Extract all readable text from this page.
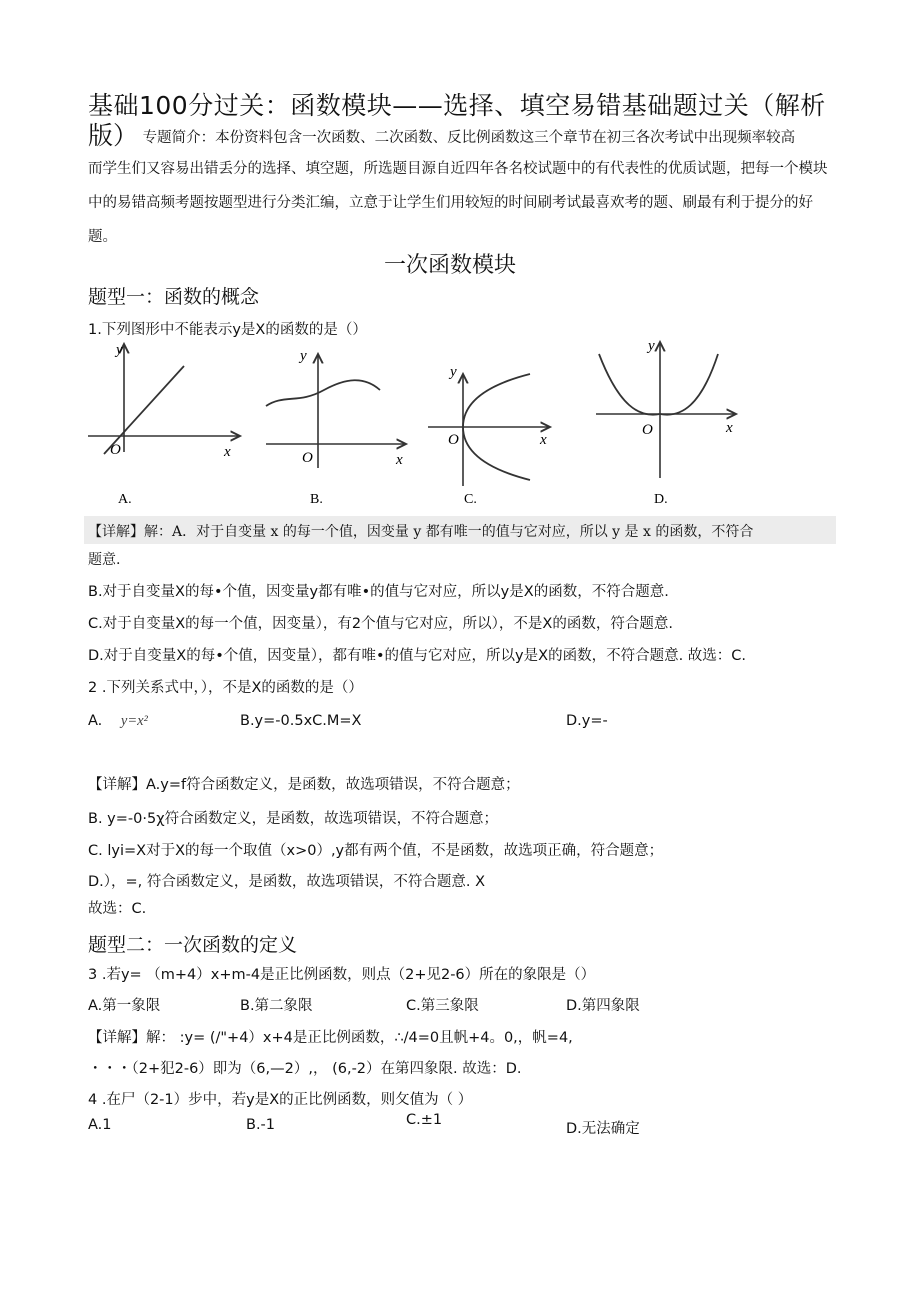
基础100分过关：函数模块——选择、填空易错基础题过关（解析
版） 专题简介：本份资料包含一次函数、二次函数、反比例函数这三个章节在初三各次考试中出现频率较高
而学生们又容易出错丢分的选择、填空题，所选题目源自近四年各名校试题中的有代表性的优质试题，把每一个模块中的易错高频考题按题型进行分类汇编，立意于让学生们用较短的时间刷考试最喜欢考的题、刷最有利于提分的好题。
一次函数模块
题型一：函数的概念
1.下列图形中不能表示y是X的函数的是（）
y
x
O
A.
y
x
O
B.
y
x
O
C.
y
x
O
D.
【详解】解：A．对于自变量 x 的每一个值，因变量 y 都有唯一的值与它对应，所以 y 是 x 的函数，不符合
题意.
B.对于自变量X的每•个值，因变量y都有唯•的值与它对应，所以y是X的函数，不符合题意.
C.对于自变量X的每一个值，因变量），有2个值与它对应，所以），不是X的函数，符合题意.
D.对于自变量X的每•个值，因变量），都有唯•的值与它对应，所以y是X的函数，不符合题意. 故选：C.
2 .下列关系式中，），不是X的函数的是（）
A. y=x²	B.y=-0.5xC.M=X	D.y=-
【详解】A.y=f符合函数定义，是函数，故选项错误，不符合题意；
B. y=-0·5χ符合函数定义，是函数，故选项错误，不符合题意；
C. lyi=X对于X的每一个取值（x>0）,y都有两个值，不是函数，故选项正确，符合题意；
D.），=, 符合函数定义，是函数，故选项错误，不符合题意. X
故选：C.
题型二：一次函数的定义
3 .若y= （m+4）x+m-4是正比例函数，则点（2+见2-6）所在的象限是（）
A.第一象限	B.第二象限	C.第三象限	D.第四象限
【详解】解： :y= (/"+4）x+4是正比例函数，∴/4=0且帆+4。0,，帆=4,
・・・（2+犯2-6）即为（6,—2）,， (6,-2）在第四象限. 故选：D.
4 .在尸（2-1）步中，若y是X的正比例函数，则攵值为（ ）
A.1	B.-1	C.±1
D.无法确定
